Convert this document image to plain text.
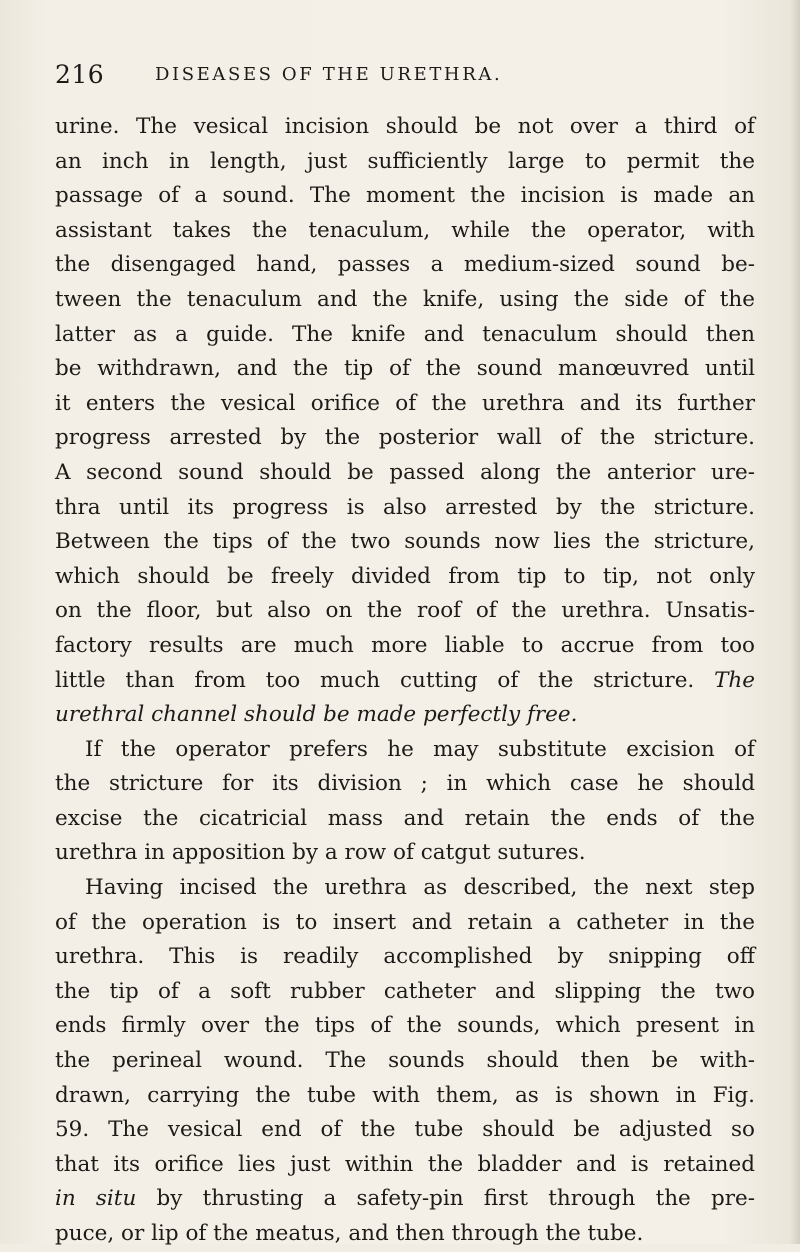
216	DISEASES OF THE URETHRA.
urine. The vesical incision should be not over a third of
an inch in length, just sufficiently large to permit the
passage of a sound. The moment the incision is made an
assistant takes the tenaculum, while the operator, with
the disengaged hand, passes a medium-sized sound be-
tween the tenaculum and the knife, using the side of the
latter as a guide. The knife and tenaculum should then
be withdrawn, and the tip of the sound manœuvred until
it enters the vesical orifice of the urethra and its further
progress arrested by the posterior wall of the stricture.
A second sound should be passed along the anterior ure-
thra until its progress is also arrested by the stricture.
Between the tips of the two sounds now lies the stricture,
which should be freely divided from tip to tip, not only
on the floor, but also on the roof of the urethra. Unsatis-
factory results are much more liable to accrue from too
little than from too much cutting of the stricture. The
urethral channel should be made perfectly free.
If the operator prefers he may substitute excision of
the stricture for its division ; in which case he should
excise the cicatricial mass and retain the ends of the
urethra in apposition by a row of catgut sutures.
Having incised the urethra as described, the next step
of the operation is to insert and retain a catheter in the
urethra. This is readily accomplished by snipping off
the tip of a soft rubber catheter and slipping the two
ends firmly over the tips of the sounds, which present in
the perineal wound. The sounds should then be with-
drawn, carrying the tube with them, as is shown in Fig.
59. The vesical end of the tube should be adjusted so
that its orifice lies just within the bladder and is retained
in situ by thrusting a safety-pin first through the pre-
puce, or lip of the meatus, and then through the tube.
